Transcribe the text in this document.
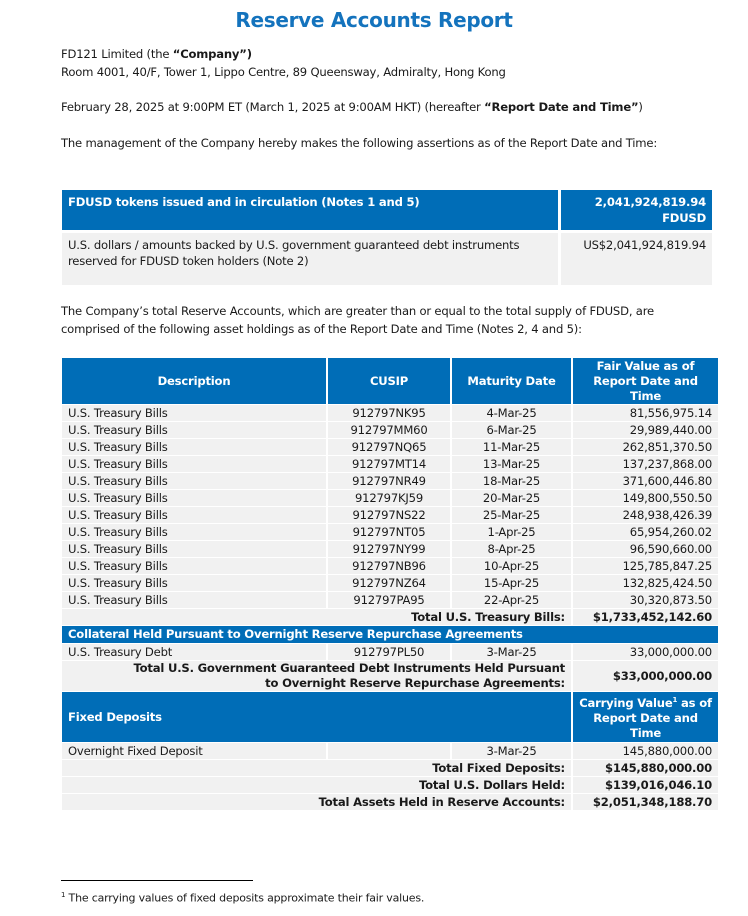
Reserve Accounts Report
FD121 Limited (the “Company”)
Room 4001, 40/F, Tower 1, Lippo Centre, 89 Queensway, Admiralty, Hong Kong
February 28, 2025 at 9:00PM ET (March 1, 2025 at 9:00AM HKT) (hereafter “Report Date and Time”)
The management of the Company hereby makes the following assertions as of the Report Date and Time:
FDUSD tokens issued and in circulation (Notes 1 and 5)	2,041,924,819.94
FDUSD

U.S. dollars / amounts backed by U.S. government guaranteed debt instruments reserved for FDUSD token holders (Note 2)	US$2,041,924,819.94
The Company’s total Reserve Accounts, which are greater than or equal to the total supply of FDUSD, are comprised of the following asset holdings as of the Report Date and Time (Notes 2, 4 and 5):
Description	CUSIP	Maturity Date	Fair Value as of Report Date and Time
U.S. Treasury Bills	912797NK95	4-Mar-25	81,556,975.14
U.S. Treasury Bills	912797MM60	6-Mar-25	29,989,440.00
U.S. Treasury Bills	912797NQ65	11-Mar-25	262,851,370.50
U.S. Treasury Bills	912797MT14	13-Mar-25	137,237,868.00
U.S. Treasury Bills	912797NR49	18-Mar-25	371,600,446.80
U.S. Treasury Bills	912797KJ59	20-Mar-25	149,800,550.50
U.S. Treasury Bills	912797NS22	25-Mar-25	248,938,426.39
U.S. Treasury Bills	912797NT05	1-Apr-25	65,954,260.02
U.S. Treasury Bills	912797NY99	8-Apr-25	96,590,660.00
U.S. Treasury Bills	912797NB96	10-Apr-25	125,785,847.25
U.S. Treasury Bills	912797NZ64	15-Apr-25	132,825,424.50
U.S. Treasury Bills	912797PA95	22-Apr-25	30,320,873.50
Total U.S. Treasury Bills:			$1,733,452,142.60
Collateral Held Pursuant to Overnight Reserve Repurchase Agreements			
U.S. Treasury Debt	912797PL50	3-Mar-25	33,000,000.00

Total U.S. Government Guaranteed Debt Instruments Held Pursuant
to Overnight Reserve Repurchase Agreements:			$33,000,000.00
Fixed Deposits			Carrying Value$^1$ as of Report Date and Time
Overnight Fixed Deposit		3-Mar-25	145,880,000.00
Total Fixed Deposits:			$145,880,000.00
Total U.S. Dollars Held:			$139,016,046.10
Total Assets Held in Reserve Accounts:			$2,051,348,188.70
$^1$ The carrying values of fixed deposits approximate their fair values.
